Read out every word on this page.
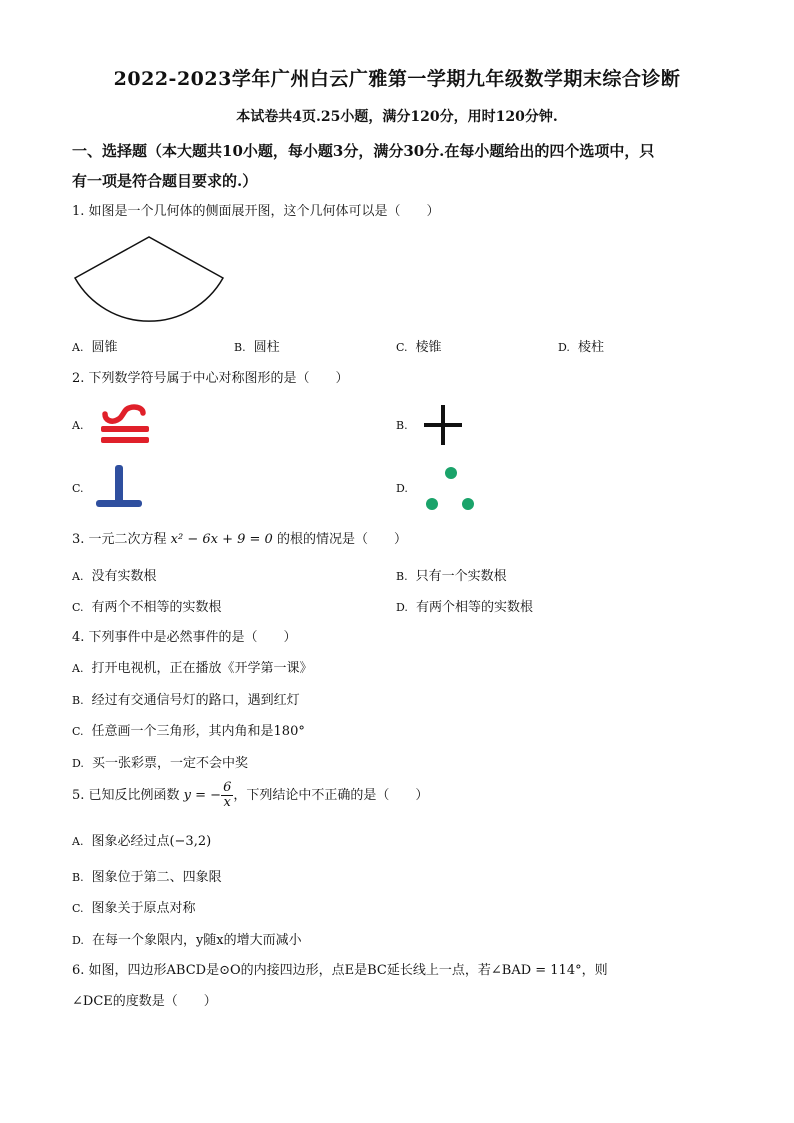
2022-2023学年广州白云广雅第一学期九年级数学期末综合诊断
本试卷共4页.25小题，满分120分，用时120分钟.
一、选择题（本大题共10小题，每小题3分，满分30分.在每小题给出的四个选项中，只
有一项是符合题目要求的.）
1. 如图是一个几何体的侧面展开图，这个几何体可以是（　　）
A. 圆锥	B. 圆柱	C. 棱锥	D. 棱柱
2. 下列数学符号属于中心对称图形的是（　　）
A.	B.
C.	D.
3. 一元二次方程 x² − 6x + 9 = 0 的根的情况是（　　）
A. 没有实数根	B. 只有一个实数根
C. 有两个不相等的实数根	D. 有两个相等的实数根
4. 下列事件中是必然事件的是（　　）
A. 打开电视机，正在播放《开学第一课》
B. 经过有交通信号灯的路口，遇到红灯
C. 任意画一个三角形，其内角和是180°
D. 买一张彩票，一定不会中奖
5. 已知反比例函数 y = − $\frac{6}{x}$ ，下列结论中不正确的是（　　）
A. 图象必经过点(−3,2)
B. 图象位于第二、四象限
C. 图象关于原点对称
D. 在每一个象限内，y随x的增大而减小
6. 如图，四边形ABCD是⊙O的内接四边形，点E是BC延长线上一点，若∠BAD = 114°，则
∠DCE的度数是（　　）
